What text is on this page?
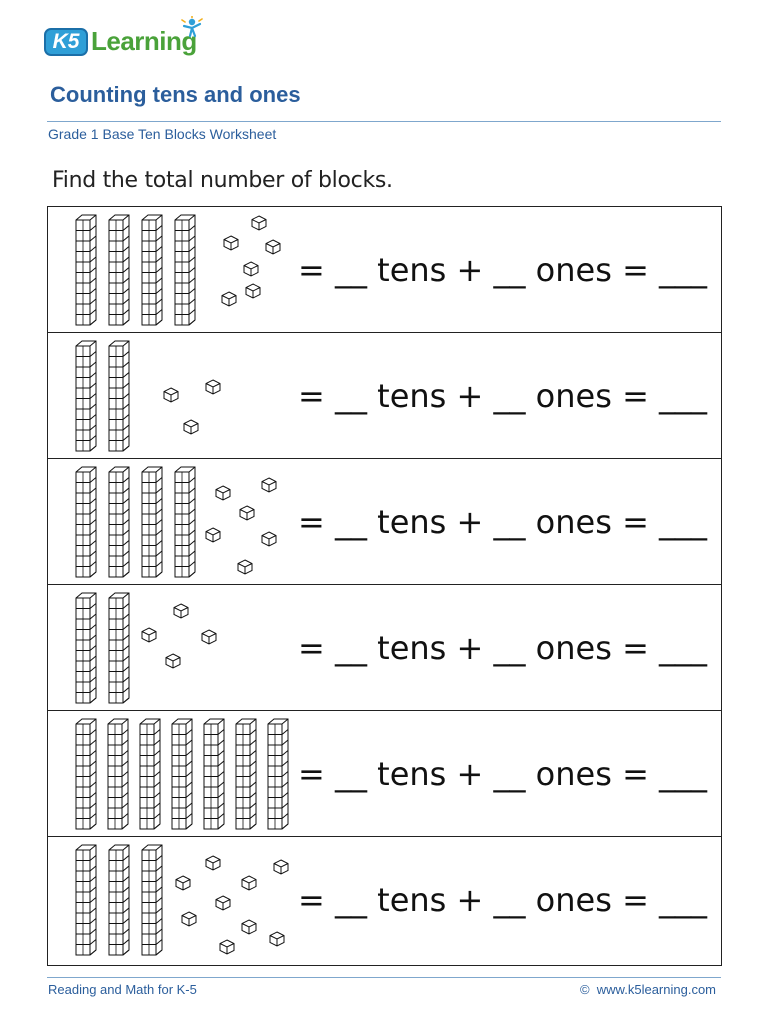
K5 Learning
Counting tens and ones
Grade 1 Base Ten Blocks Worksheet
Find the total number of blocks.
= __ tens + __ ones = ___
= __ tens + __ ones = ___
= __ tens + __ ones = ___
= __ tens + __ ones = ___
= __ tens + __ ones = ___
= __ tens + __ ones = ___
Reading and Math for K-5	© www.k5learning.com
